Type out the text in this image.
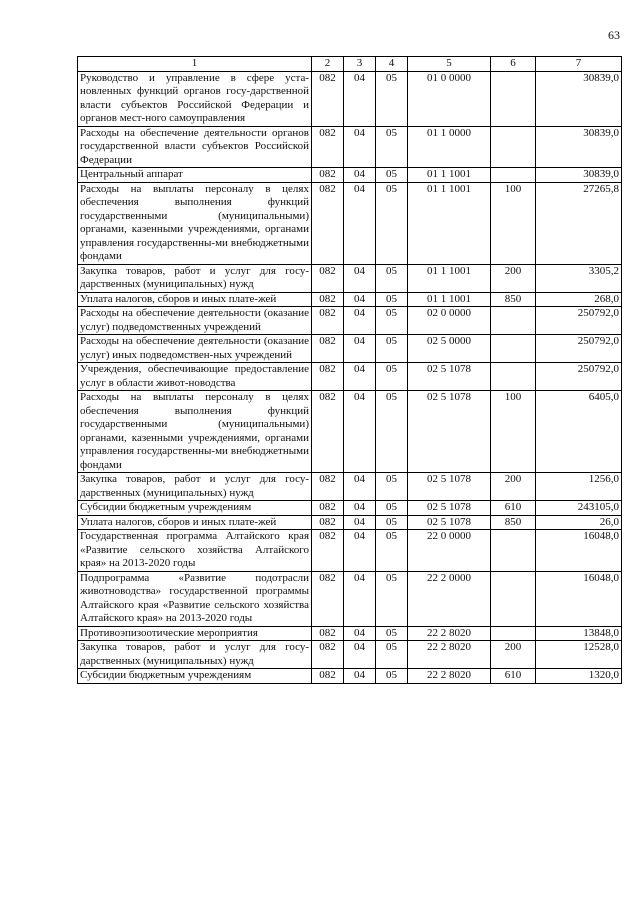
63
1	2	3	4	5	6	7
Руководство и управление в сфере уста-новленных функций органов госу-дарственной власти субъектов Российской Федерации и органов мест-ного самоуправления	082	04	05	01 0 0000		30839,0
Расходы на обеспечение деятельности органов государственной власти субъектов Российской Федерации	082	04	05	01 1 0000		30839,0
Центральный аппарат	082	04	05	01 1 1001		30839,0
Расходы на выплаты персоналу в целях обеспечения выполнения функций государственными (муниципальными) органами, казенными учреждениями, органами управления государственны-ми внебюджетными фондами	082	04	05	01 1 1001	100	27265,8
Закупка товаров, работ и услуг для госу-дарственных (муниципальных) нужд	082	04	05	01 1 1001	200	3305,2
Уплата налогов, сборов и иных плате-жей	082	04	05	01 1 1001	850	268,0
Расходы на обеспечение деятельности (оказание услуг) подведомственных учреждений	082	04	05	02 0 0000		250792,0
Расходы на обеспечение деятельности (оказание услуг) иных подведомствен-ных учреждений	082	04	05	02 5 0000		250792,0
Учреждения, обеспечивающие предоставление услуг в области живот-новодства	082	04	05	02 5 1078		250792,0
Расходы на выплаты персоналу в целях обеспечения выполнения функций государственными (муниципальными) органами, казенными учреждениями, органами управления государственны-ми внебюджетными фондами	082	04	05	02 5 1078	100	6405,0
Закупка товаров, работ и услуг для госу-дарственных (муниципальных) нужд	082	04	05	02 5 1078	200	1256,0
Субсидии бюджетным учреждениям	082	04	05	02 5 1078	610	243105,0
Уплата налогов, сборов и иных плате-жей	082	04	05	02 5 1078	850	26,0
Государственная программа Алтайского края «Развитие сельского хозяйства Алтайского края» на 2013-2020 годы	082	04	05	22 0 0000		16048,0
Подпрограмма «Развитие подотрасли животноводства» государственной программы Алтайского края «Развитие сельского хозяйства Алтайского края» на 2013-2020 годы	082	04	05	22 2 0000		16048,0
Противоэпизоотические мероприятия	082	04	05	22 2 8020		13848,0
Закупка товаров, работ и услуг для госу-дарственных (муниципальных) нужд	082	04	05	22 2 8020	200	12528,0
Субсидии бюджетным учреждениям	082	04	05	22 2 8020	610	1320,0
